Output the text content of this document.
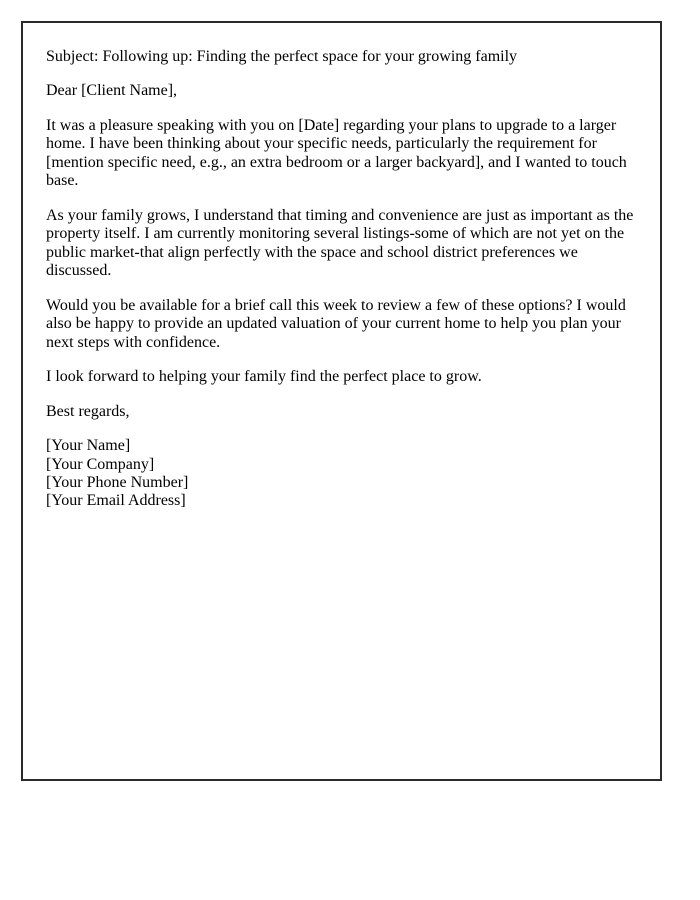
Subject: Following up: Finding the perfect space for your growing family
Dear [Client Name],
It was a pleasure speaking with you on [Date] regarding your plans to upgrade to a larger home. I have been thinking about your specific needs, particularly the requirement for [mention specific need, e.g., an extra bedroom or a larger backyard], and I wanted to touch base.
As your family grows, I understand that timing and convenience are just as important as the property itself. I am currently monitoring several listings-some of which are not yet on the public market-that align perfectly with the space and school district preferences we discussed.
Would you be available for a brief call this week to review a few of these options? I would also be happy to provide an updated valuation of your current home to help you plan your next steps with confidence.
I look forward to helping your family find the perfect place to grow.
Best regards,
[Your Name]
[Your Company]
[Your Phone Number]
[Your Email Address]
